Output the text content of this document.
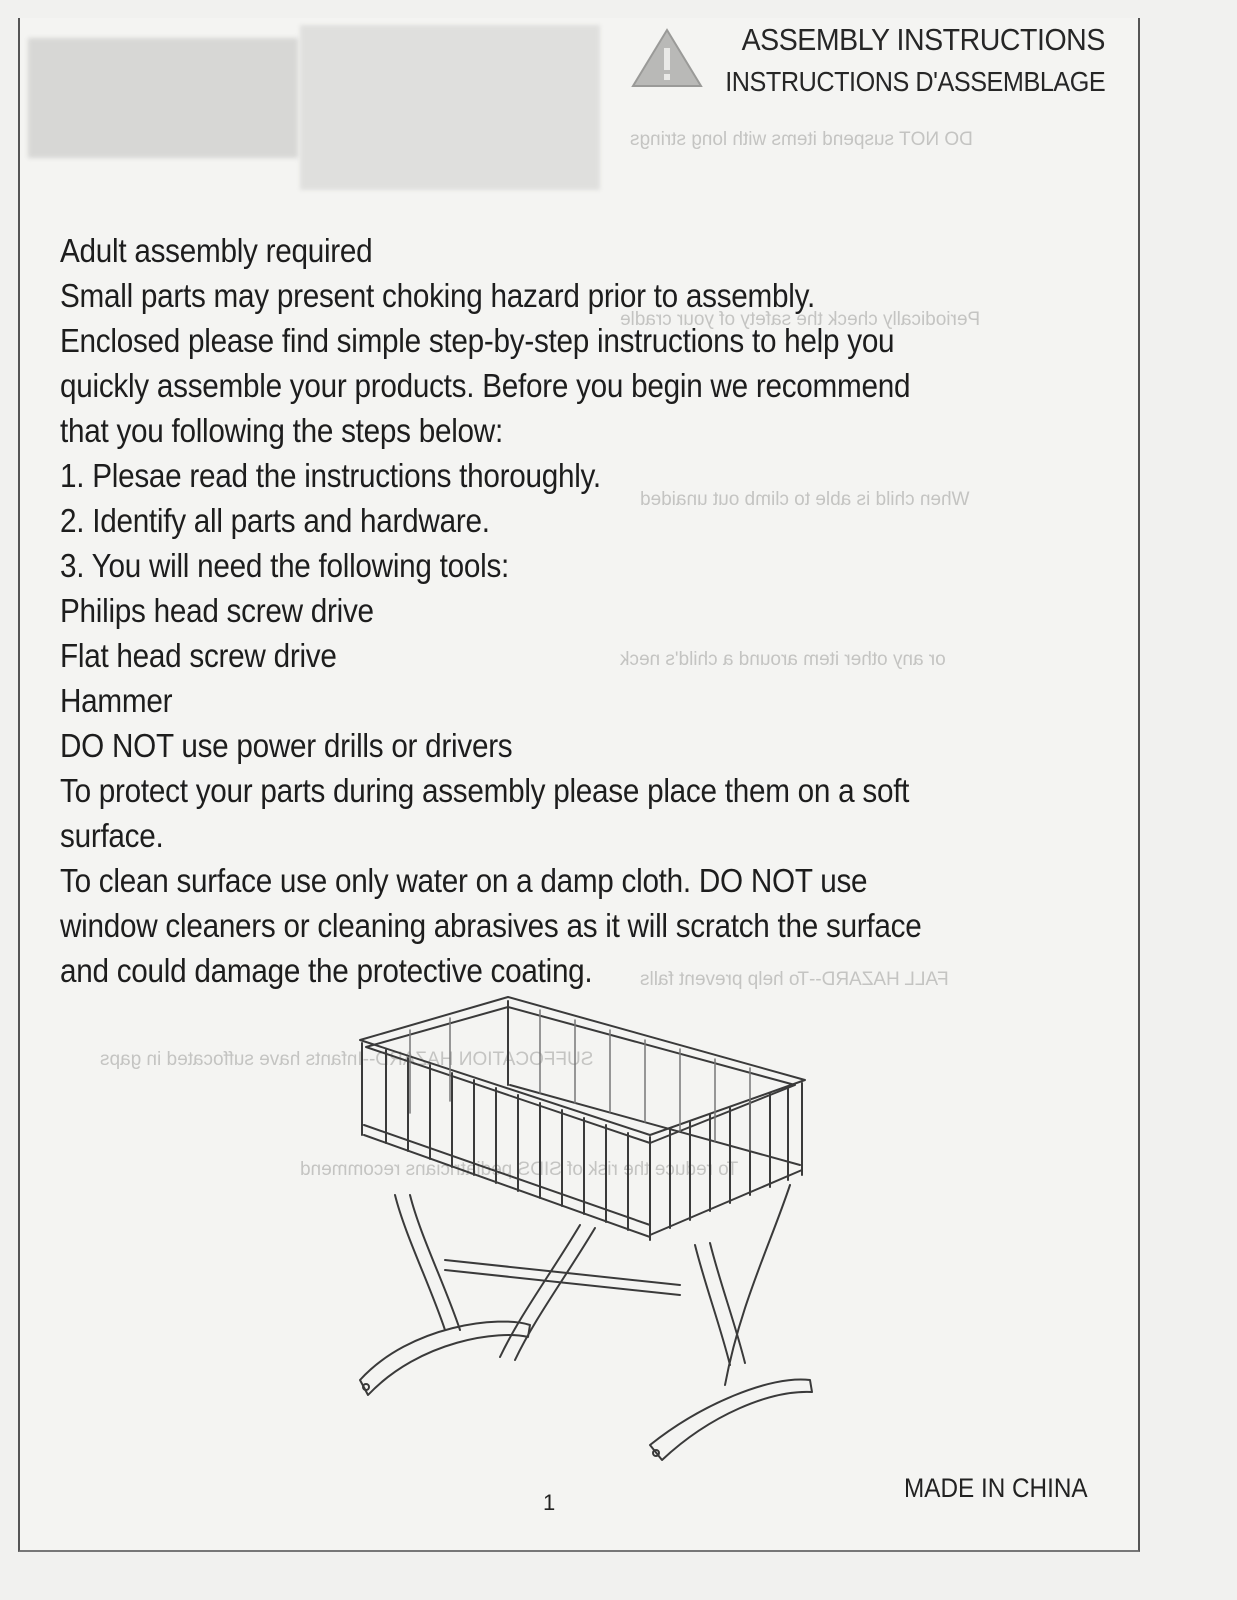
DO NOT suspend items with long strings
Periodically check the safety of your cradle
When child is able to climb out unaided
or any other item around a child's neck
FALL HAZARD--To help prevent falls
SUFFOCATION HAZARD--Infants have suffocated in gaps
To reduce the risk of SIDS pediatricians recommend
ASSEMBLY INSTRUCTIONS
INSTRUCTIONS D'ASSEMBLAGE

Adult assembly required

Small parts may present choking hazard prior to assembly.

Enclosed please find simple step-by-step instructions to help you

quickly assemble your products. Before you begin we recommend

that you following the steps below:

1. Plesae read the instructions thoroughly.

2. Identify all parts and hardware.

3. You will need the following tools:

Philips head screw drive

Flat head screw drive

Hammer

DO NOT use power drills or drivers

To protect your parts during assembly please place them on a soft

surface.

To clean surface use only water on a damp cloth. DO NOT use

window cleaners or cleaning abrasives as it will scratch the surface

and could damage the protective coating.

1	MADE IN CHINA
